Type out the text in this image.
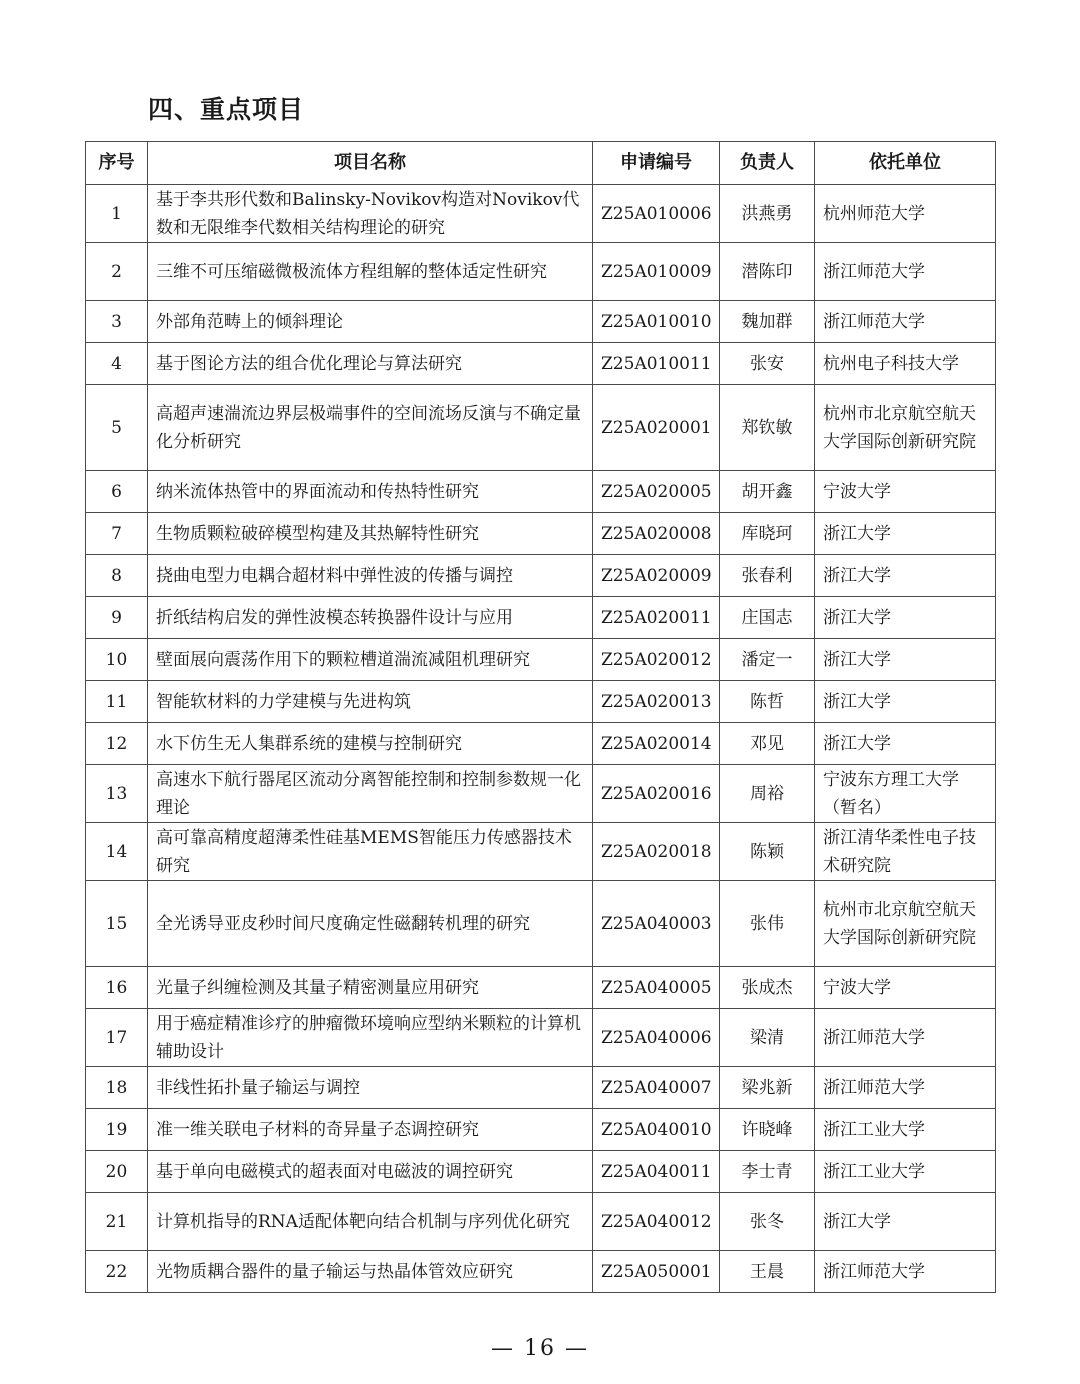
四、重点项目
序号	项目名称	申请编号	负责人	依托单位
1	基于李共形代数和Balinsky-Novikov构造对Novikov代数和无限维李代数相关结构理论的研究	Z25A010006	洪燕勇	杭州师范大学
2	三维不可压缩磁微极流体方程组解的整体适定性研究	Z25A010009	潜陈印	浙江师范大学
3	外部角范畴上的倾斜理论	Z25A010010	魏加群	浙江师范大学
4	基于图论方法的组合优化理论与算法研究	Z25A010011	张安	杭州电子科技大学
5	高超声速湍流边界层极端事件的空间流场反演与不确定量化分析研究	Z25A020001	郑钦敏	杭州市北京航空航天大学国际创新研究院
6	纳米流体热管中的界面流动和传热特性研究	Z25A020005	胡开鑫	宁波大学
7	生物质颗粒破碎模型构建及其热解特性研究	Z25A020008	库晓珂	浙江大学
8	挠曲电型力电耦合超材料中弹性波的传播与调控	Z25A020009	张春利	浙江大学
9	折纸结构启发的弹性波模态转换器件设计与应用	Z25A020011	庄国志	浙江大学
10	壁面展向震荡作用下的颗粒槽道湍流减阻机理研究	Z25A020012	潘定一	浙江大学
11	智能软材料的力学建模与先进构筑	Z25A020013	陈哲	浙江大学
12	水下仿生无人集群系统的建模与控制研究	Z25A020014	邓见	浙江大学
13	高速水下航行器尾区流动分离智能控制和控制参数规一化理论	Z25A020016	周裕	宁波东方理工大学（暂名）
14	高可靠高精度超薄柔性硅基MEMS智能压力传感器技术研究	Z25A020018	陈颖	浙江清华柔性电子技术研究院
15	全光诱导亚皮秒时间尺度确定性磁翻转机理的研究	Z25A040003	张伟	杭州市北京航空航天大学国际创新研究院
16	光量子纠缠检测及其量子精密测量应用研究	Z25A040005	张成杰	宁波大学
17	用于癌症精准诊疗的肿瘤微环境响应型纳米颗粒的计算机辅助设计	Z25A040006	梁清	浙江师范大学
18	非线性拓扑量子输运与调控	Z25A040007	梁兆新	浙江师范大学
19	准一维关联电子材料的奇异量子态调控研究	Z25A040010	许晓峰	浙江工业大学
20	基于单向电磁模式的超表面对电磁波的调控研究	Z25A040011	李士青	浙江工业大学
21	计算机指导的RNA适配体靶向结合机制与序列优化研究	Z25A040012	张冬	浙江大学
22	光物质耦合器件的量子输运与热晶体管效应研究	Z25A050001	王晨	浙江师范大学
— 16 —
